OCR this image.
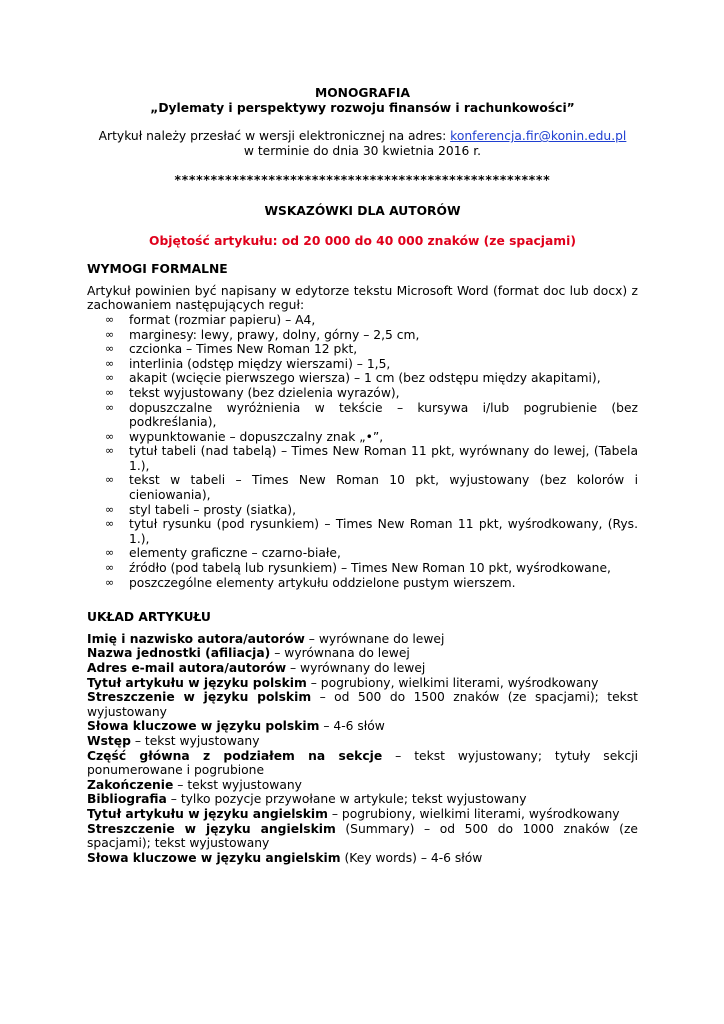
MONOGRAFIA

„Dylematy i perspektywy rozwoju finansów i rachunkowości”

Artykuł należy przesłać w wersji elektronicznej na adres: konferencja.fir@konin.edu.pl

w terminie do dnia 30 kwietnia 2016 r.

****************************************************

WSKAZÓWKI DLA AUTORÓW

Objętość artykułu: od 20 000 do 40 000 znaków (ze spacjami)

WYMOGI FORMALNE

Artykuł powinien być napisany w edytorze tekstu Microsoft Word (format doc lub docx) z zachowaniem następujących reguł:

∞ format (rozmiar papieru) – A4,
∞ marginesy: lewy, prawy, dolny, górny – 2,5 cm,
∞ czcionka – Times New Roman 12 pkt,
∞ interlinia (odstęp między wierszami) – 1,5,
∞ akapit (wcięcie pierwszego wiersza) – 1 cm (bez odstępu między akapitami),
∞ tekst wyjustowany (bez dzielenia wyrazów),
∞ dopuszczalne wyróżnienia w tekście – kursywa i/lub pogrubienie (bez podkreślania),
∞ wypunktowanie – dopuszczalny znak „•”,
∞ tytuł tabeli (nad tabelą) – Times New Roman 11 pkt, wyrównany do lewej, (Tabela 1.),
∞ tekst w tabeli – Times New Roman 10 pkt, wyjustowany (bez kolorów i cieniowania),
∞ styl tabeli – prosty (siatka),
∞ tytuł rysunku (pod rysunkiem) – Times New Roman 11 pkt, wyśrodkowany, (Rys. 1.),
∞ elementy graficzne – czarno-białe,
∞ źródło (pod tabelą lub rysunkiem) – Times New Roman 10 pkt, wyśrodkowane,
∞ poszczególne elementy artykułu oddzielone pustym wierszem.

UKŁAD ARTYKUŁU

Imię i nazwisko autora/autorów – wyrównane do lewej

Nazwa jednostki (afiliacja) – wyrównana do lewej

Adres e-mail autora/autorów – wyrównany do lewej

Tytuł artykułu w języku polskim – pogrubiony, wielkimi literami, wyśrodkowany

Streszczenie w języku polskim – od 500 do 1500 znaków (ze spacjami); tekst wyjustowany

Słowa kluczowe w języku polskim – 4-6 słów

Wstęp – tekst wyjustowany

Część główna z podziałem na sekcje – tekst wyjustowany; tytuły sekcji ponumerowane i pogrubione

Zakończenie – tekst wyjustowany

Bibliografia – tylko pozycje przywołane w artykule; tekst wyjustowany

Tytuł artykułu w języku angielskim – pogrubiony, wielkimi literami, wyśrodkowany

Streszczenie w języku angielskim (Summary) – od 500 do 1000 znaków (ze spacjami); tekst wyjustowany

Słowa kluczowe w języku angielskim (Key words) – 4-6 słów
